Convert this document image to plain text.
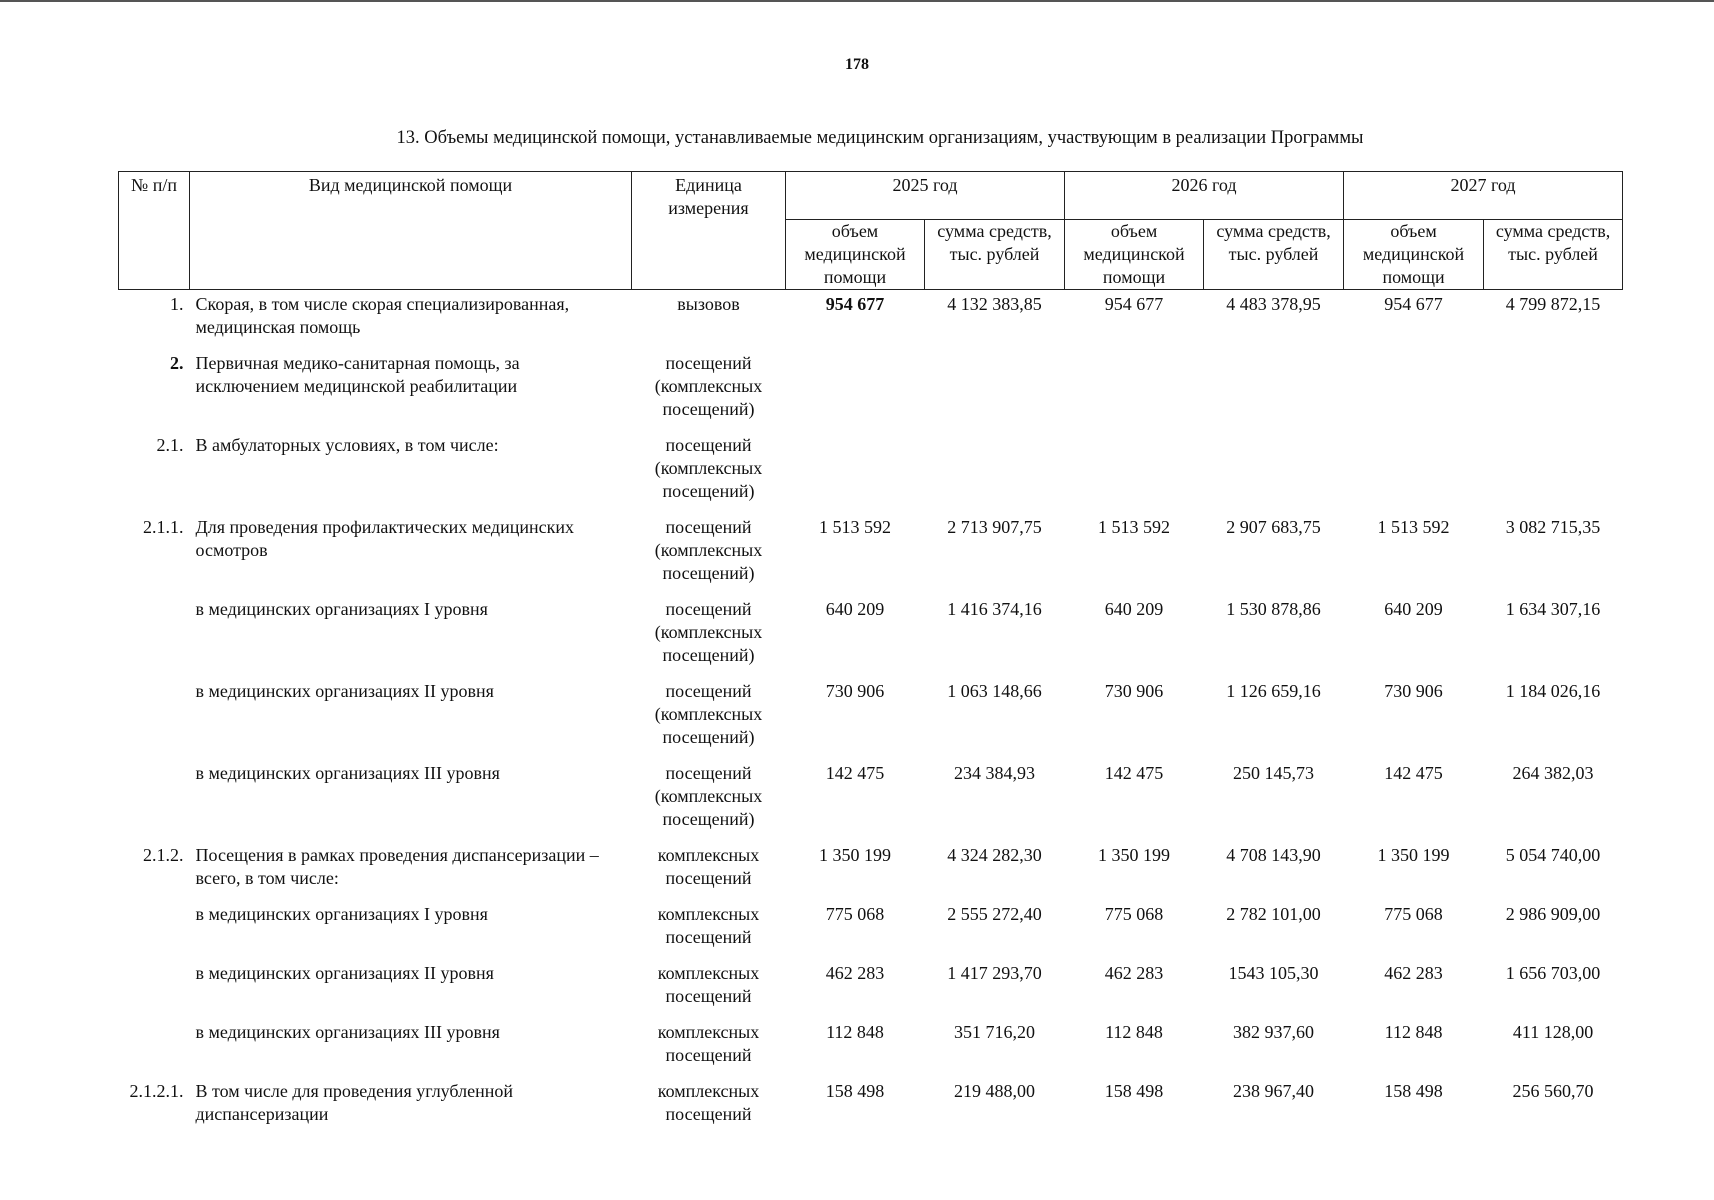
178
13. Объемы медицинской помощи, устанавливаемые медицинским организациям, участвующим в реализации Программы
№ п/п	Вид медицинской помощи	Единица измерения	2025 год		2026 год		2027 год	
			объем медицинской помощи	сумма средств, тыс. рублей	объем медицинской помощи	сумма средств, тыс. рублей	объем медицинской помощи	сумма средств, тыс. рублей
1.	Скорая, в том числе скорая специализированная, медицинская помощь	вызовов	954 677	4 132 383,85	954 677	4 483 378,95	954 677	4 799 872,15
2.	Первичная медико-санитарная помощь, за исключением медицинской реабилитации	посещений (комплексных посещений)						
2.1.	В амбулаторных условиях, в том числе:	посещений (комплексных посещений)						
2.1.1.	Для проведения профилактических медицинских осмотров	посещений (комплексных посещений)	1 513 592	2 713 907,75	1 513 592	2 907 683,75	1 513 592	3 082 715,35
	в медицинских организациях I уровня	посещений (комплексных посещений)	640 209	1 416 374,16	640 209	1 530 878,86	640 209	1 634 307,16
	в медицинских организациях II уровня	посещений (комплексных посещений)	730 906	1 063 148,66	730 906	1 126 659,16	730 906	1 184 026,16
	в медицинских организациях III уровня	посещений (комплексных посещений)	142 475	234 384,93	142 475	250 145,73	142 475	264 382,03
2.1.2.	Посещения в рамках проведения диспансеризации – всего, в том числе:	комплексных посещений	1 350 199	4 324 282,30	1 350 199	4 708 143,90	1 350 199	5 054 740,00
	в медицинских организациях I уровня	комплексных посещений	775 068	2 555 272,40	775 068	2 782 101,00	775 068	2 986 909,00
	в медицинских организациях II уровня	комплексных посещений	462 283	1 417 293,70	462 283	1543 105,30	462 283	1 656 703,00
	в медицинских организациях III уровня	комплексных посещений	112 848	351 716,20	112 848	382 937,60	112 848	411 128,00
2.1.2.1.	В том числе для проведения углубленной диспансеризации	комплексных посещений	158 498	219 488,00	158 498	238 967,40	158 498	256 560,70
